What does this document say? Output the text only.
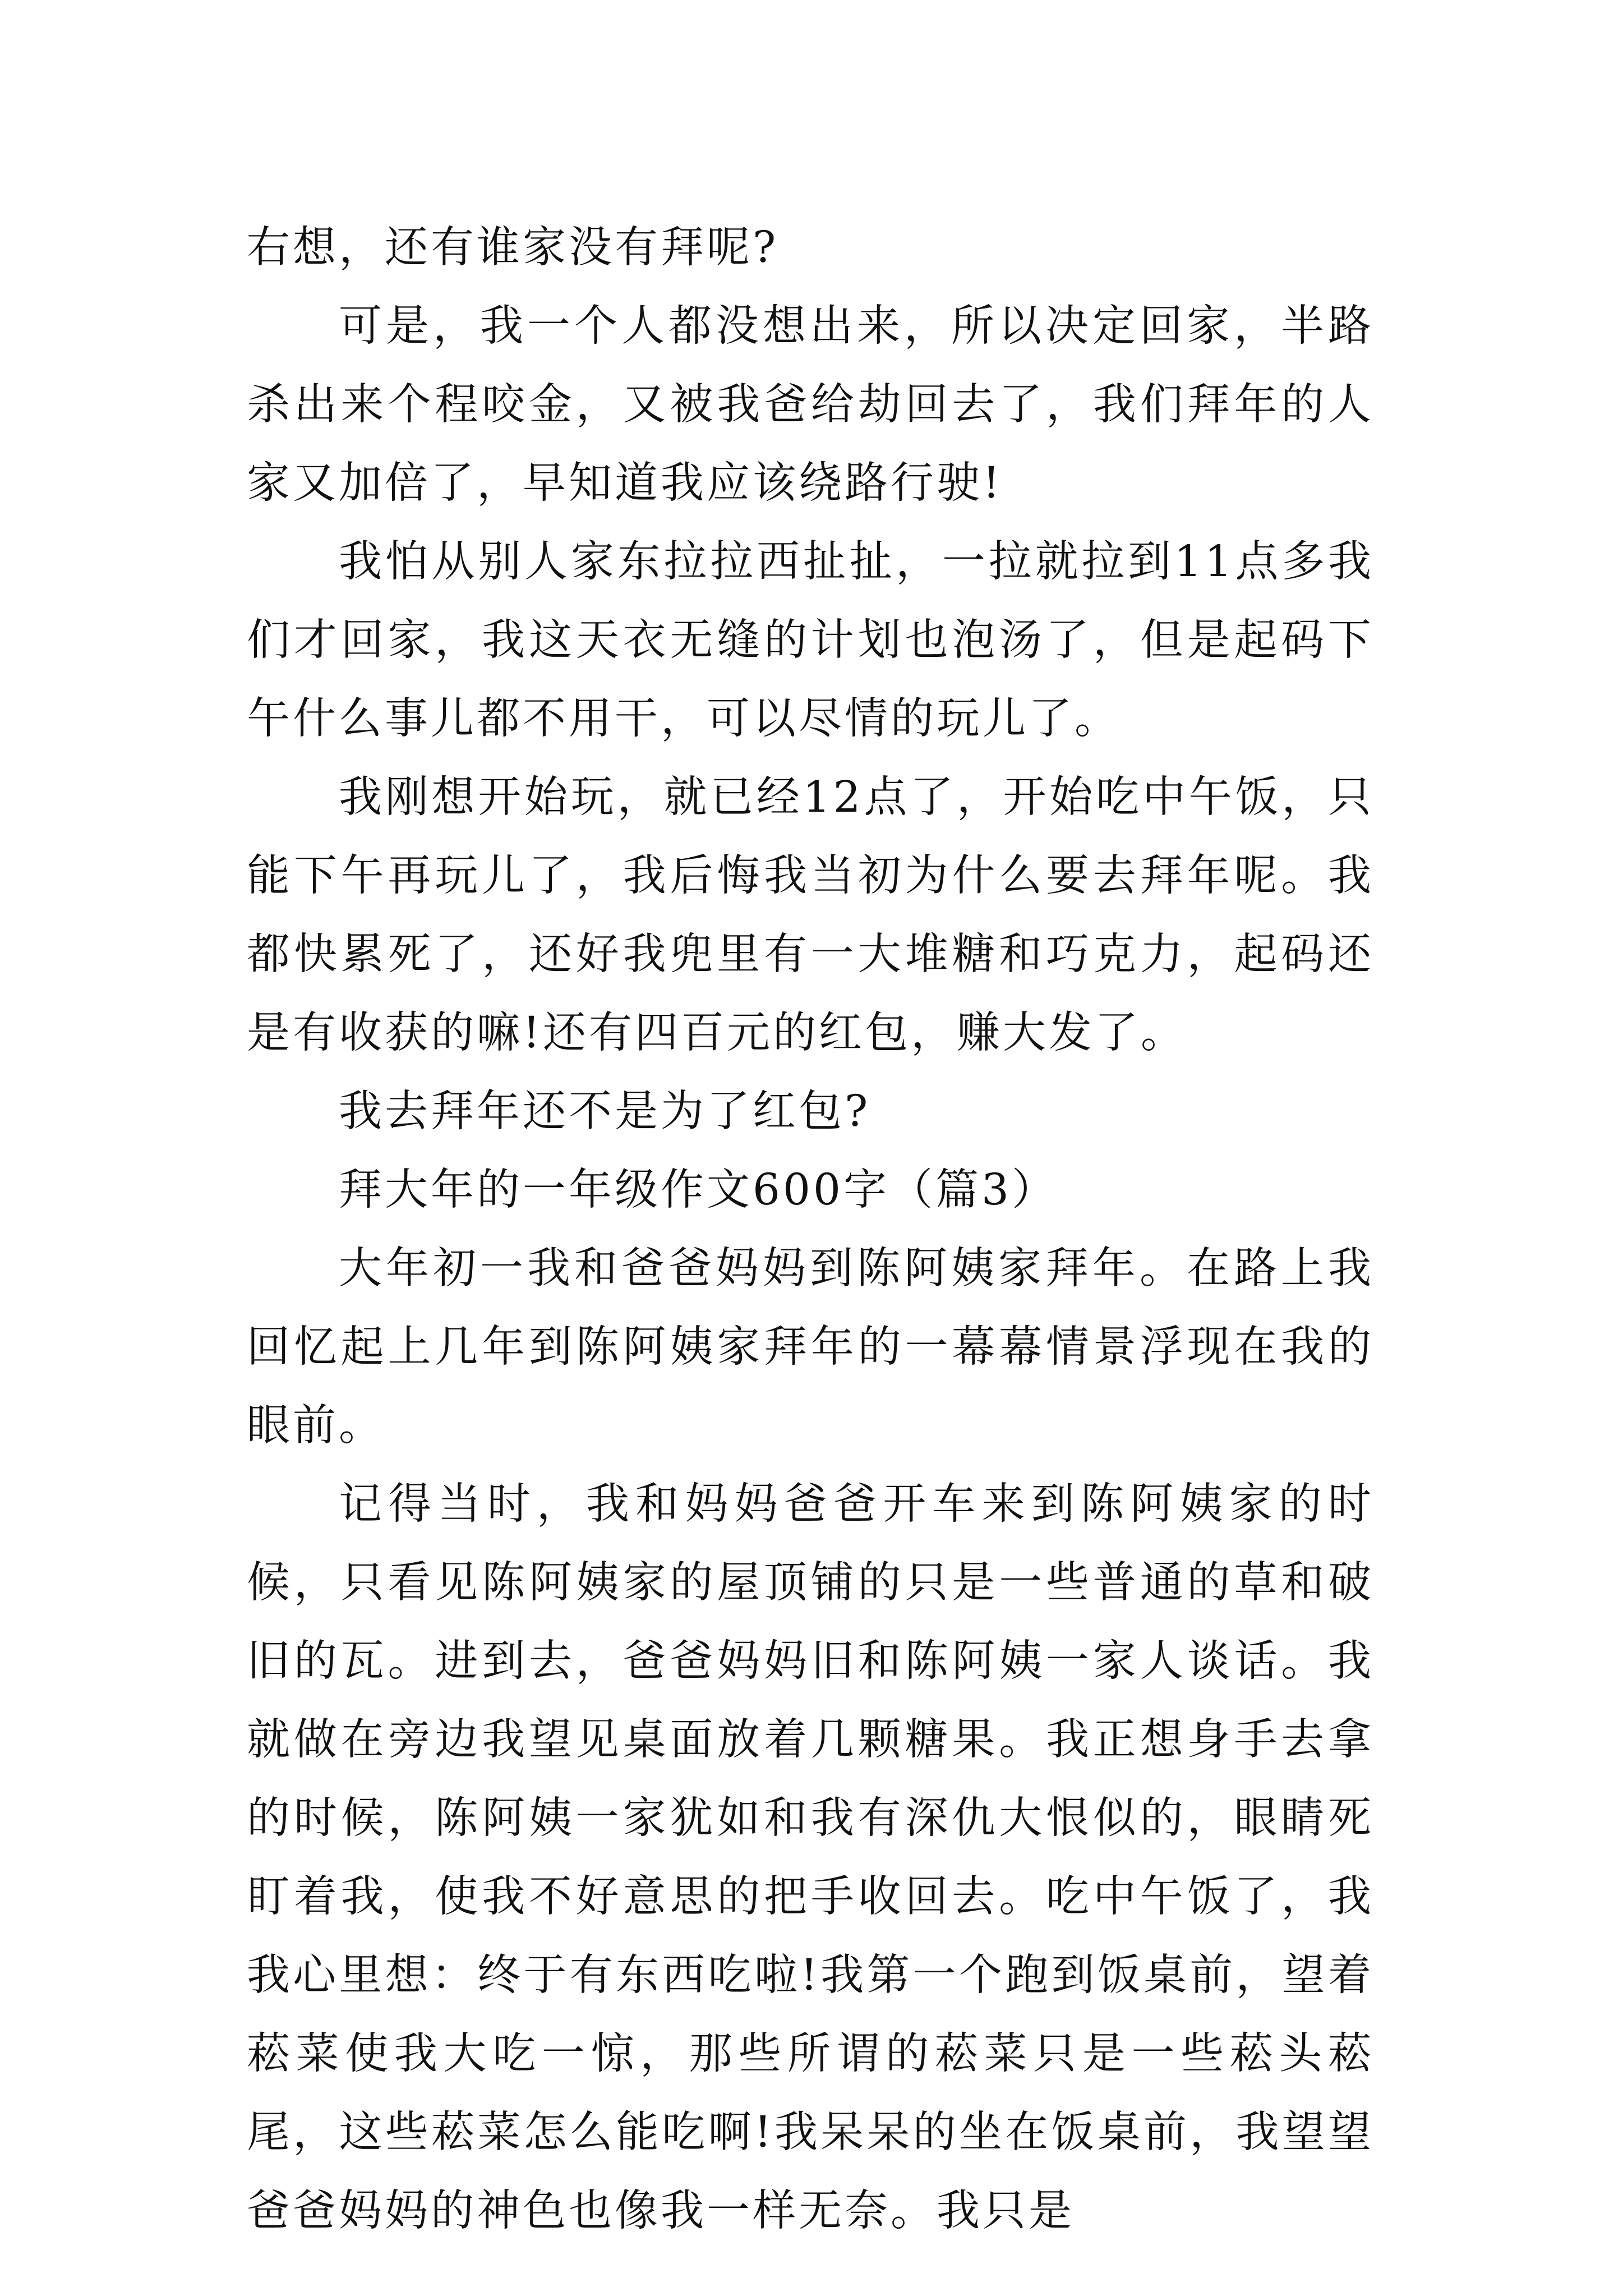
右想，还有谁家没有拜呢?

可是，我一个人都没想出来，所以决定回家，半路杀出来个程咬金，又被我爸给劫回去了，我们拜年的人家又加倍了，早知道我应该绕路行驶!

我怕从别人家东拉拉西扯扯，一拉就拉到11点多我们才回家，我这天衣无缝的计划也泡汤了，但是起码下午什么事儿都不用干，可以尽情的玩儿了。

我刚想开始玩，就已经12点了，开始吃中午饭，只能下午再玩儿了，我后悔我当初为什么要去拜年呢。我都快累死了，还好我兜里有一大堆糖和巧克力，起码还是有收获的嘛!还有四百元的红包，赚大发了。

我去拜年还不是为了红包?

拜大年的一年级作文600字（篇3）

大年初一我和爸爸妈妈到陈阿姨家拜年。在路上我回忆起上几年到陈阿姨家拜年的一幕幕情景浮现在我的眼前。

记得当时，我和妈妈爸爸开车来到陈阿姨家的时候，只看见陈阿姨家的屋顶铺的只是一些普通的草和破旧的瓦。进到去，爸爸妈妈旧和陈阿姨一家人谈话。我就做在旁边我望见桌面放着几颗糖果。我正想身手去拿的时候，陈阿姨一家犹如和我有深仇大恨似的，眼睛死盯着我，使我不好意思的把手收回去。吃中午饭了，我我心里想：终于有东西吃啦!我第一个跑到饭桌前，望着菘菜使我大吃一惊，那些所谓的菘菜只是一些菘头菘尾，这些菘菜怎么能吃啊!我呆呆的坐在饭桌前，我望望爸爸妈妈的神色也像我一样无奈。我只是
